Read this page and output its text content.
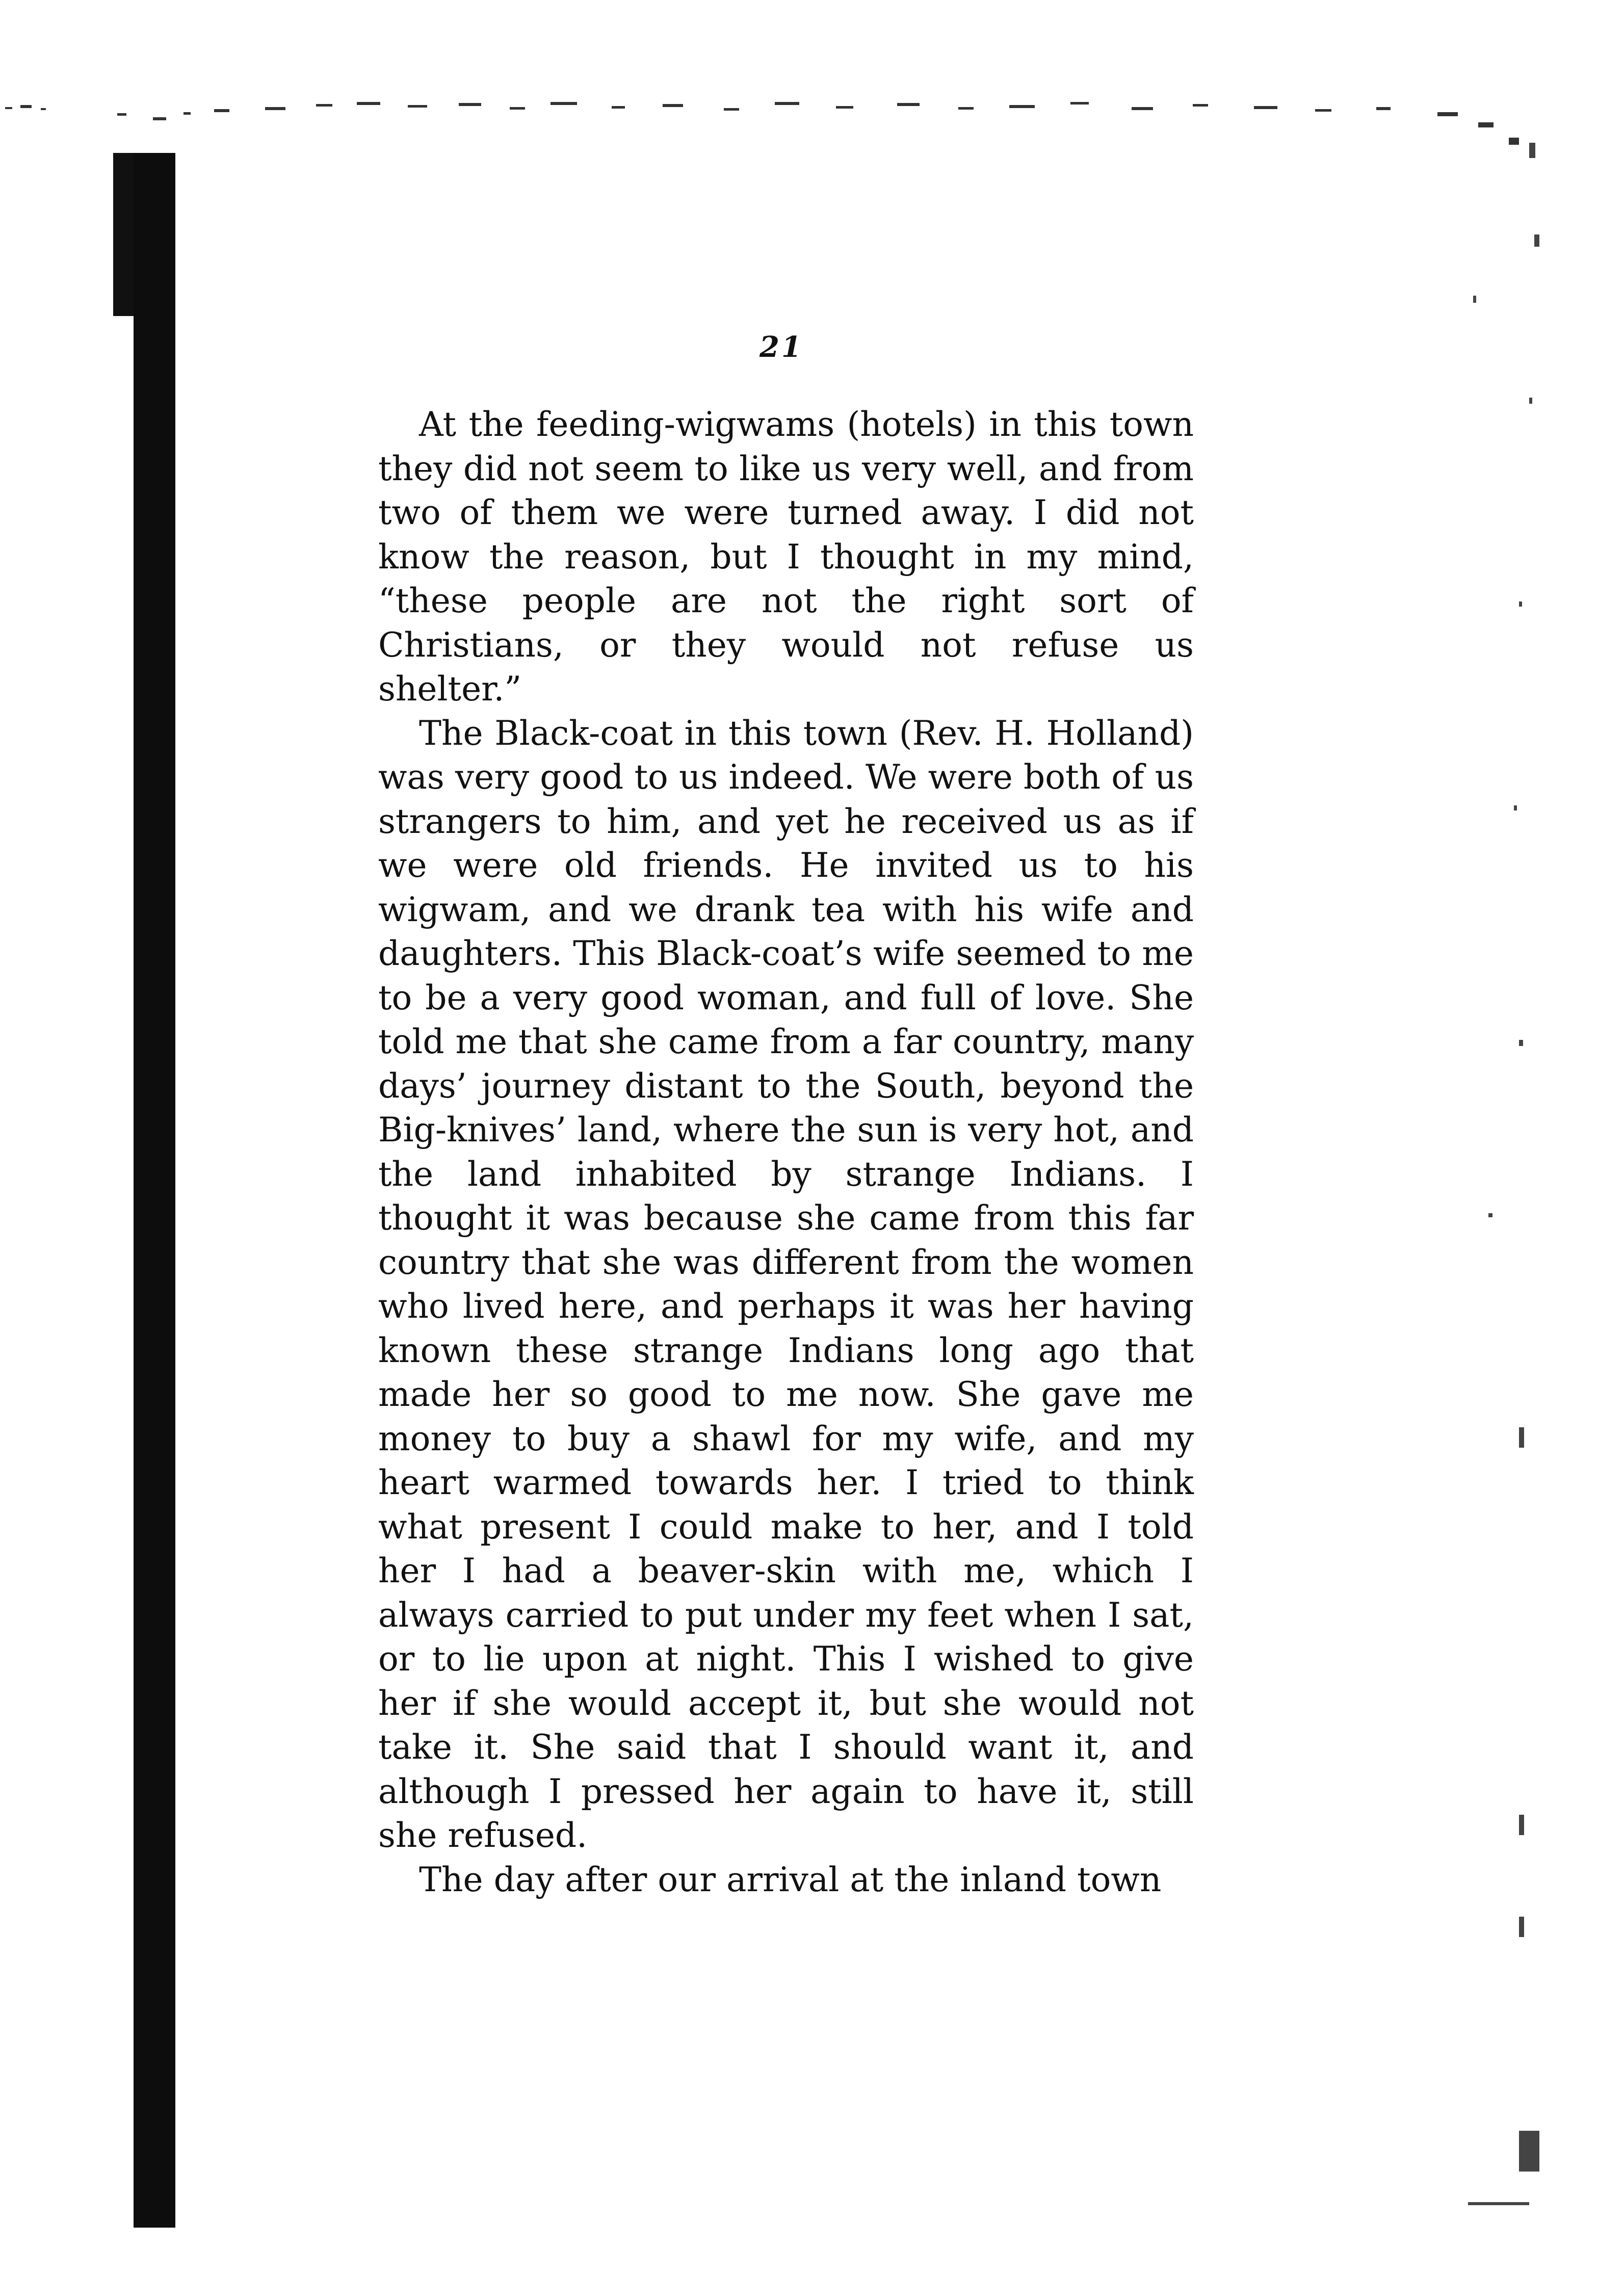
21

At the feeding-wigwams (hotels) in this town they did not seem to like us very well, and from two of them we were turned away. I did not know the reason, but I thought in my mind, “these people are not the right sort of Christians, or they would not refuse us shelter.”

The Black-coat in this town (Rev. H. Holland) was very good to us indeed. We were both of us strangers to him, and yet he received us as if we were old friends. He invited us to his wigwam, and we drank tea with his wife and daughters. This Black-coat’s wife seemed to me to be a very good woman, and full of love. She told me that she came from a far country, many days’ journey distant to the South, beyond the Big-knives’ land, where the sun is very hot, and the land inhabited by strange Indians. I thought it was because she came from this far country that she was different from the women who lived here, and perhaps it was her having known these strange Indians long ago that made her so good to me now. She gave me money to buy a shawl for my wife, and my heart warmed towards her. I tried to think what present I could make to her, and I told her I had a beaver-skin with me, which I always carried to put under my feet when I sat, or to lie upon at night. This I wished to give her if she would accept it, but she would not take it. She said that I should want it, and although I pressed her again to have it, still she refused.

The day after our arrival at the inland town
